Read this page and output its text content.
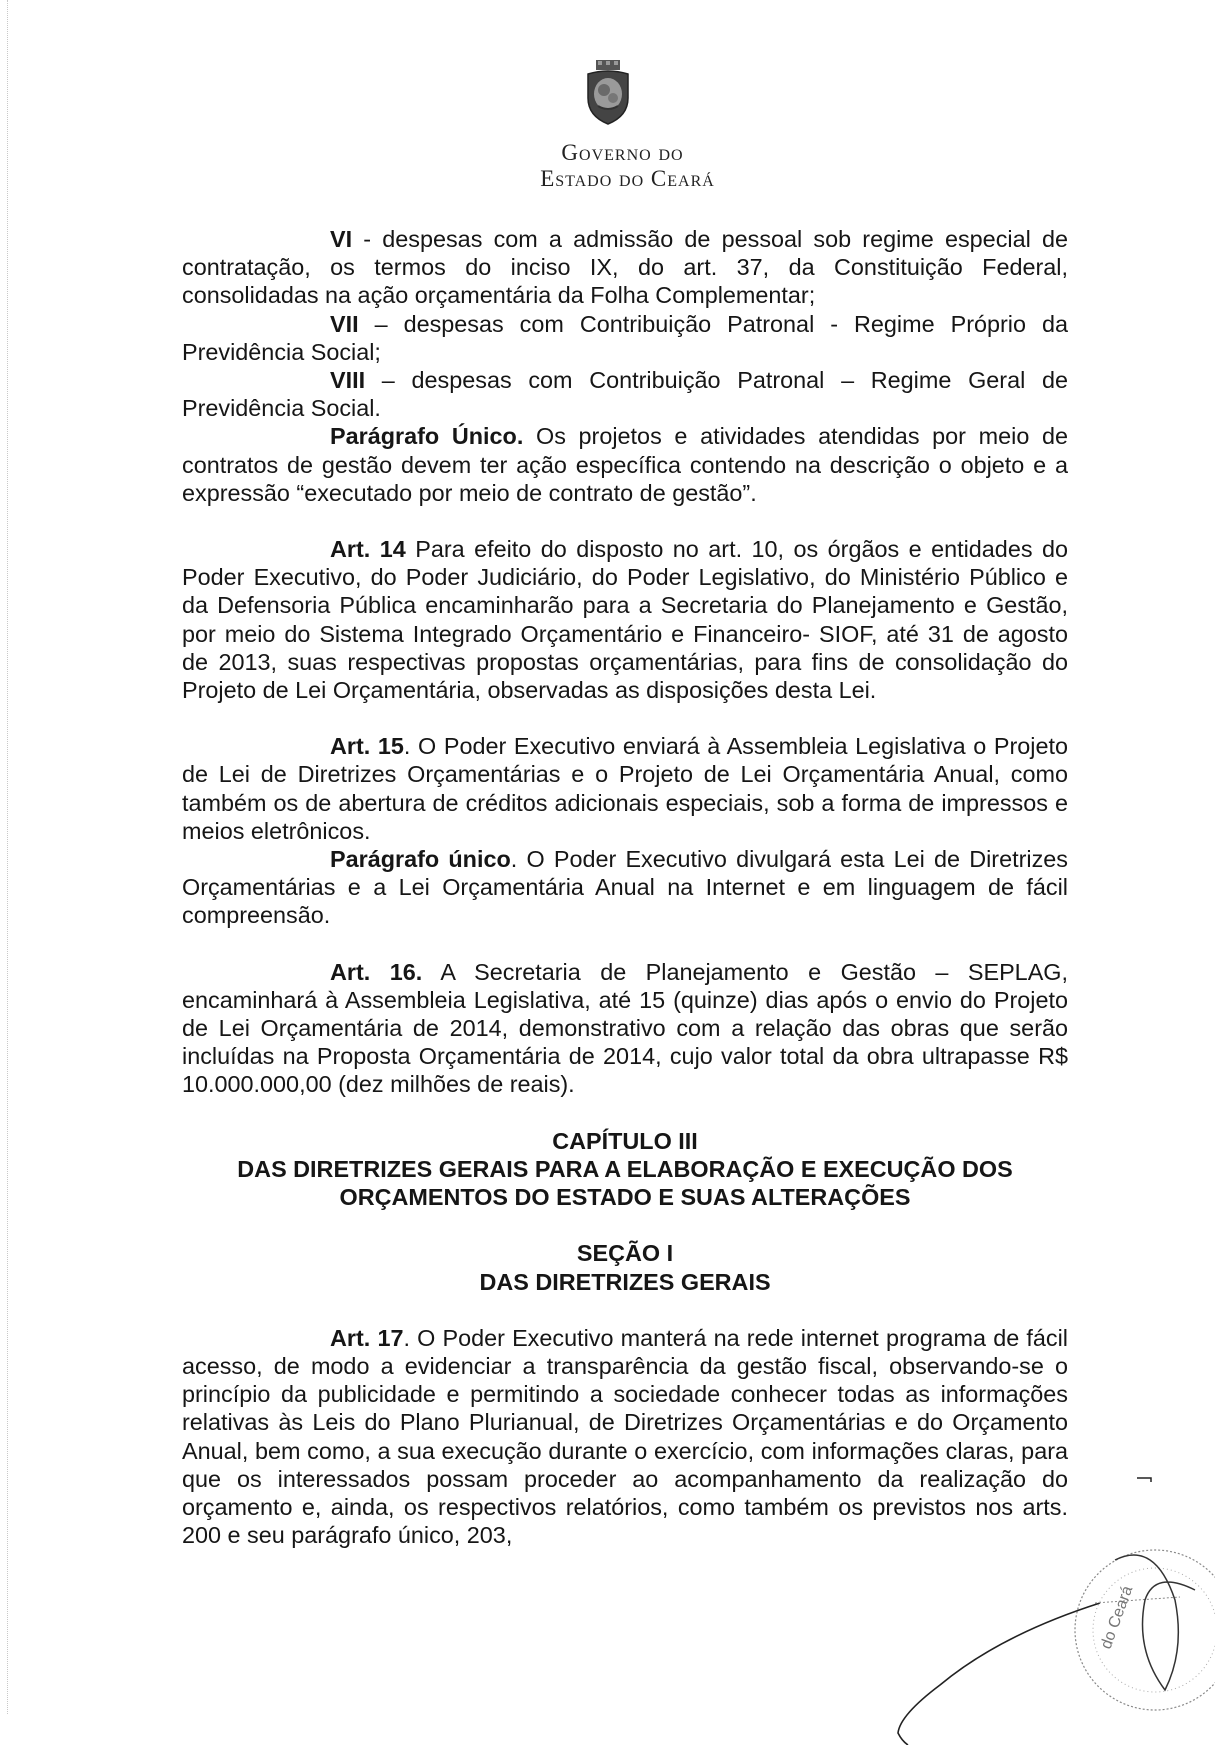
Governo do
Estado do Ceará

VI - despesas com a admissão de pessoal sob regime especial de contratação, os termos do inciso IX, do art. 37, da Constituição Federal, consolidadas na ação orçamentária da Folha Complementar;

VII – despesas com Contribuição Patronal - Regime Próprio da Previdência Social;

VIII – despesas com Contribuição Patronal – Regime Geral de Previdência Social.

Parágrafo Único. Os projetos e atividades atendidas por meio de contratos de gestão devem ter ação específica contendo na descrição o objeto e a expressão “executado por meio de contrato de gestão”.

Art. 14 Para efeito do disposto no art. 10, os órgãos e entidades do Poder Executivo, do Poder Judiciário, do Poder Legislativo, do Ministério Público e da Defensoria Pública encaminharão para a Secretaria do Planejamento e Gestão, por meio do Sistema Integrado Orçamentário e Financeiro- SIOF, até 31 de agosto de 2013, suas respectivas propostas orçamentárias, para fins de consolidação do Projeto de Lei Orçamentária, observadas as disposições desta Lei.

Art. 15. O Poder Executivo enviará à Assembleia Legislativa o Projeto de Lei de Diretrizes Orçamentárias e o Projeto de Lei Orçamentária Anual, como também os de abertura de créditos adicionais especiais, sob a forma de impressos e meios eletrônicos.

Parágrafo único. O Poder Executivo divulgará esta Lei de Diretrizes Orçamentárias e a Lei Orçamentária Anual na Internet e em linguagem de fácil compreensão.

Art. 16. A Secretaria de Planejamento e Gestão – SEPLAG, encaminhará à Assembleia Legislativa, até 15 (quinze) dias após o envio do Projeto de Lei Orçamentária de 2014, demonstrativo com a relação das obras que serão incluídas na Proposta Orçamentária de 2014, cujo valor total da obra ultrapasse R$ 10.000.000,00 (dez milhões de reais).

CAPÍTULO III

DAS DIRETRIZES GERAIS PARA A ELABORAÇÃO E EXECUÇÃO DOS

ORÇAMENTOS DO ESTADO E SUAS ALTERAÇÕES

SEÇÃO I

DAS DIRETRIZES GERAIS

Art. 17. O Poder Executivo manterá na rede internet programa de fácil acesso, de modo a evidenciar a transparência da gestão fiscal, observando-se o princípio da publicidade e permitindo a sociedade conhecer todas as informações relativas às Leis do Plano Plurianual, de Diretrizes Orçamentárias e do Orçamento Anual, bem como, a sua execução durante o exercício, com informações claras, para que os interessados possam proceder ao acompanhamento da realização do orçamento e, ainda, os respectivos relatórios, como também os previstos nos arts. 200 e seu parágrafo único, 203,

do Ceará
